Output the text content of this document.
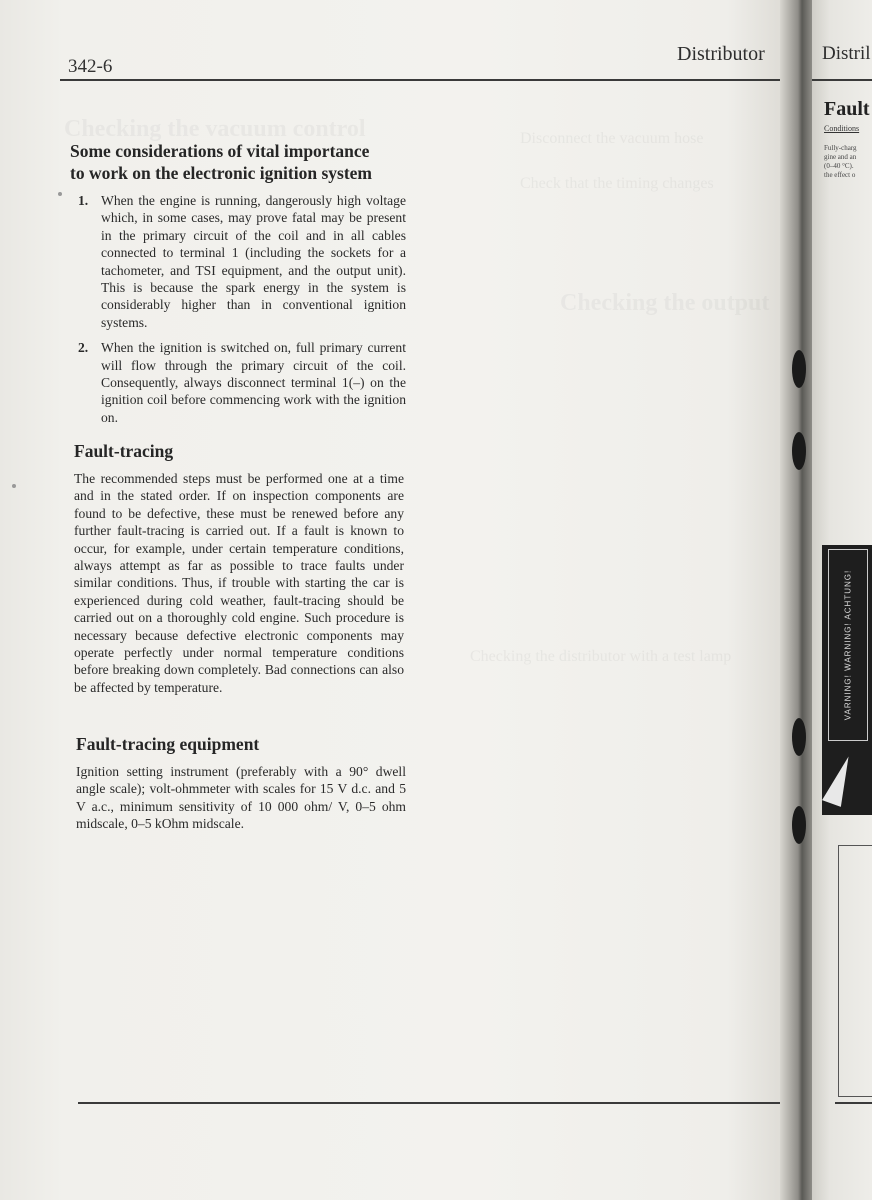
Checking the vacuum control
Checking the output
Disconnect the vacuum hose
Check that the timing changes
Checking the distributor with a test lamp
342-6
Distributor
Some considerations of vital importance
to work on the electronic ignition system
1. When the engine is running, dangerously high voltage which, in some cases, may prove fatal may be present in the primary circuit of the coil and in all cables connected to terminal 1 (including the sockets for a tachometer, and TSI equipment, and the output unit). This is because the spark energy in the system is considerably higher than in conventional ignition systems.
2. When the ignition is switched on, full primary current will flow through the primary circuit of the coil. Consequently, always disconnect terminal 1(–) on the ignition coil before commencing work with the ignition on.
Fault-tracing

The recommended steps must be performed one at a time and in the stated order. If on inspection components are found to be defective, these must be renewed before any further fault-tracing is carried out. If a fault is known to occur, for example, under certain temperature conditions, always attempt as far as possible to trace faults under similar conditions. Thus, if trouble with starting the car is experienced during cold weather, fault-tracing should be carried out on a thoroughly cold engine. Such procedure is necessary because defective electronic components may operate perfectly under normal temperature conditions before breaking down completely. Bad connections can also be affected by temperature.

Fault-tracing equipment

Ignition setting instrument (preferably with a 90° dwell angle scale); volt-ohmmeter with scales for 15 V d.c. and 5 V a.c., minimum sensitivity of 10 000 ohm/ V, 0–5 ohm midscale, 0–5 kOhm midscale.

Distril
Fault
Conditions
Fully-charg
gine and an
(0–40 °C).
the effect o
VARNING! WARNING! ACHTUNG!
